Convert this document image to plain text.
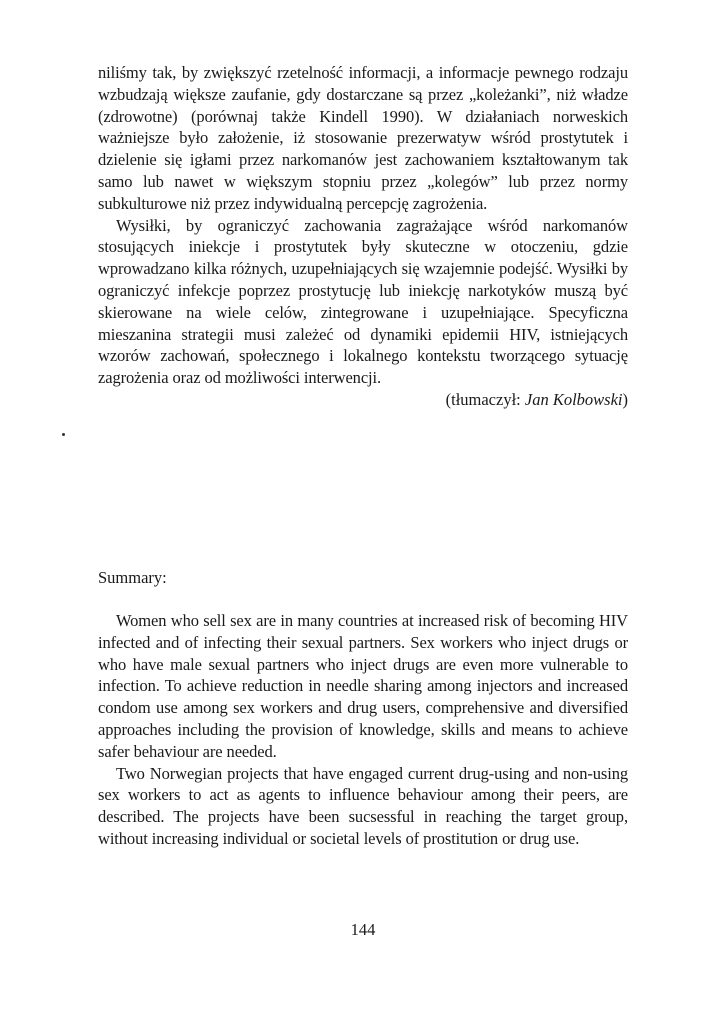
niliśmy tak, by zwiększyć rzetelność informacji, a informacje pewnego rodzaju wzbudzają większe zaufanie, gdy dostarczane są przez „koleżanki”, niż władze (zdrowotne) (porównaj także Kindell 1990). W działaniach norweskich ważniejsze było założenie, iż stosowanie prezerwatyw wśród prostytutek i dzielenie się igłami przez narkomanów jest zachowaniem kształtowanym tak samo lub nawet w większym stopniu przez „kolegów” lub przez normy subkulturowe niż przez indywidualną percepcję zagrożenia.

Wysiłki, by ograniczyć zachowania zagrażające wśród narkomanów stosujących iniekcje i prostytutek były skuteczne w otoczeniu, gdzie wprowadzano kilka różnych, uzupełniających się wzajemnie podejść. Wysiłki by ograniczyć infekcje poprzez prostytucję lub iniekcję narkotyków muszą być skierowane na wiele celów, zintegrowane i uzupełniające. Specyficzna mieszanina strategii musi zależeć od dynamiki epidemii HIV, istniejących wzorów zachowań, społecznego i lokalnego kontekstu tworzącego sytuację zagrożenia oraz od możliwości interwencji.

(tłumaczył: Jan Kolbowski)

Summary:

Women who sell sex are in many countries at increased risk of becoming HIV infected and of infecting their sexual partners. Sex workers who inject drugs or who have male sexual partners who inject drugs are even more vulnerable to infection. To achieve reduction in needle sharing among injectors and increased condom use among sex workers and drug users, comprehensive and diversified approaches including the provision of knowledge, skills and means to achieve safer behaviour are needed.

Two Norwegian projects that have engaged current drug-using and non-using sex workers to act as agents to influence behaviour among their peers, are described. The projects have been sucsessful in reaching the target group, without increasing individual or societal levels of prostitution or drug use.

144
